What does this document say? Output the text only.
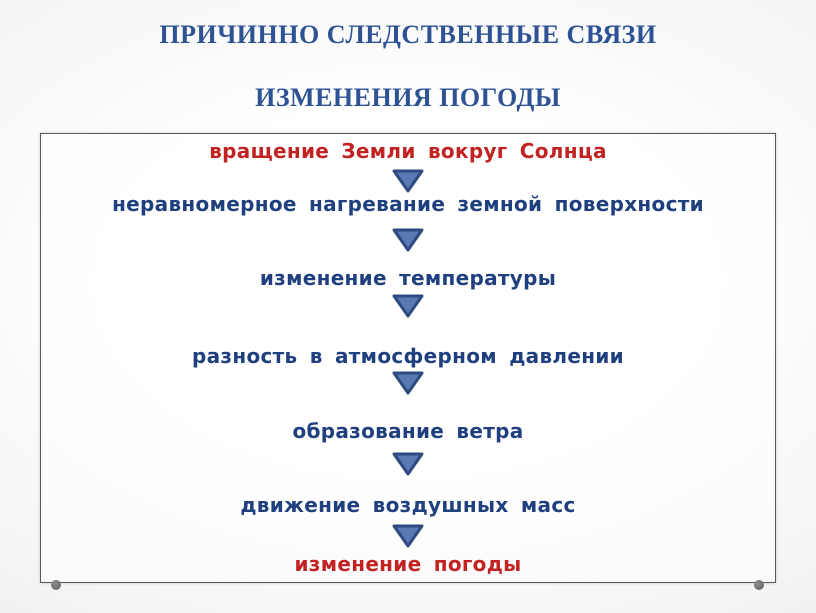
ПРИЧИННО СЛЕДСТВЕННЫЕ СВЯЗИ
ИЗМЕНЕНИЯ ПОГОДЫ
вращение Земли вокруг Солнца
неравномерное нагревание земной поверхности
изменение температуры
разность в атмосферном давлении
образование ветра
движение воздушных масс
изменение погоды
